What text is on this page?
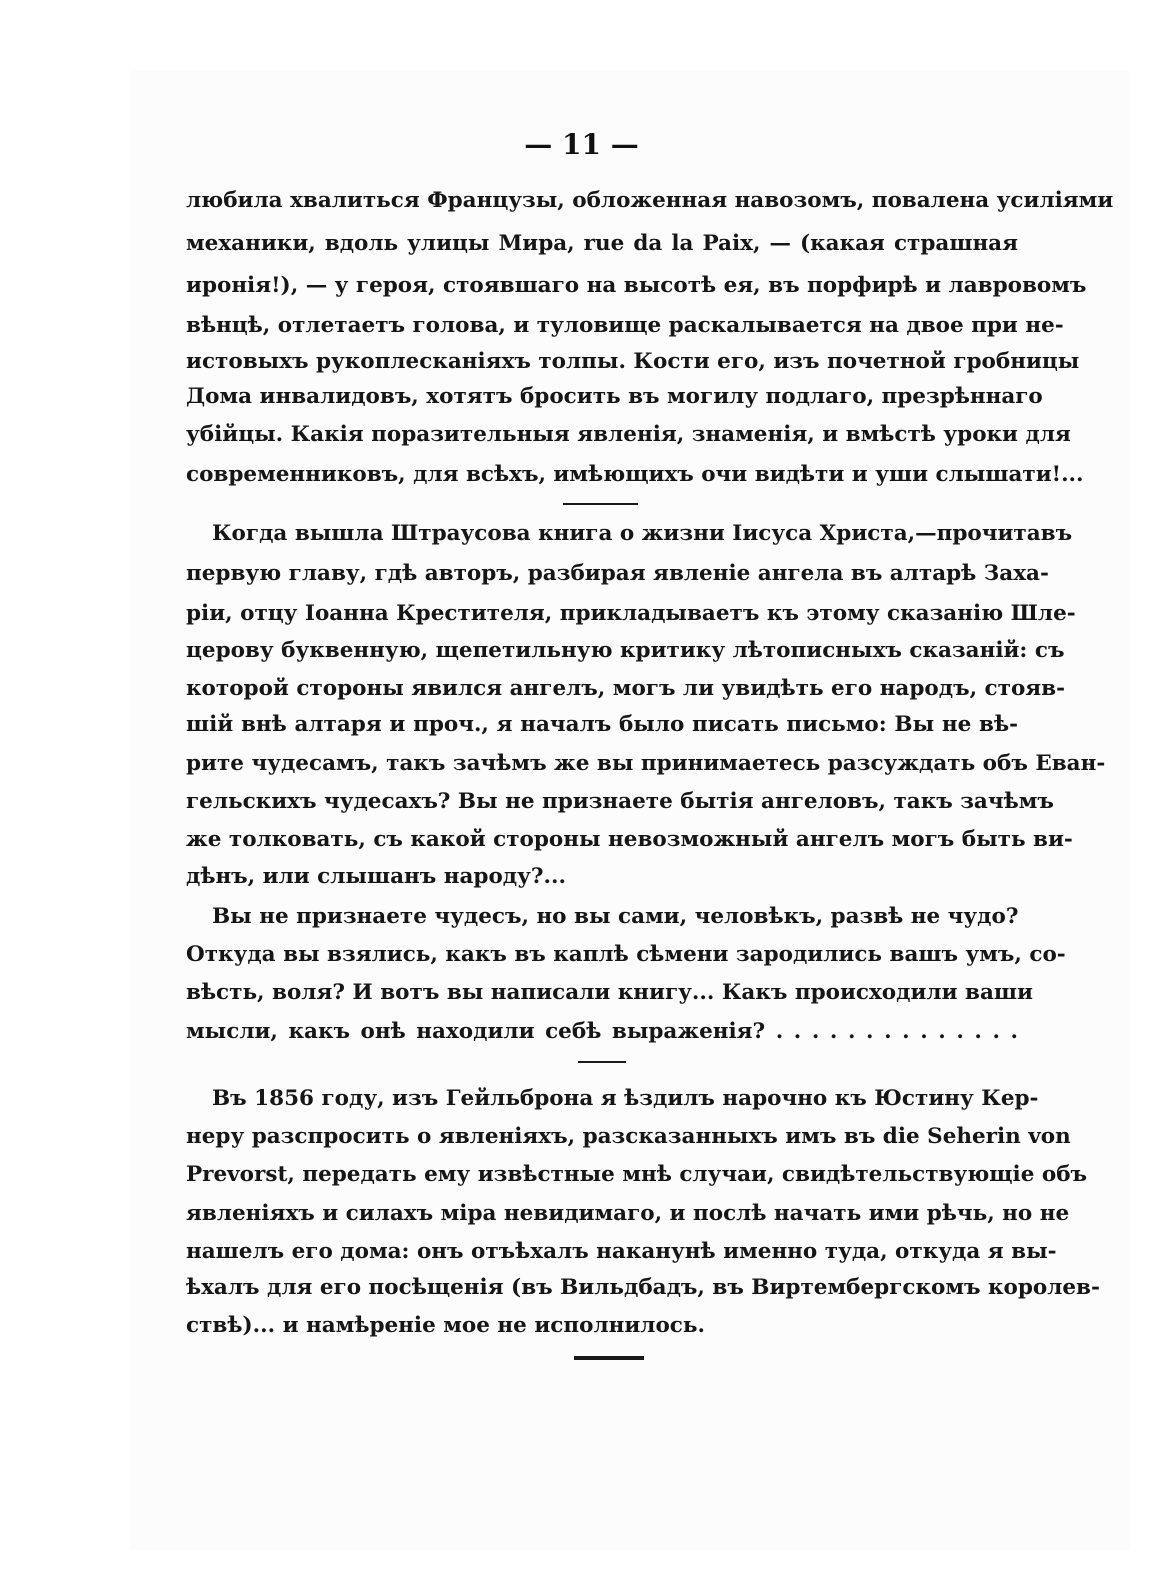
— 11 —
любила хвалиться Французы, обложенная навозомъ, повалена усиліями
механики, вдоль улицы Мира, rue da la Paix, — (какая страшная
иронія!), — у героя, стоявшаго на высотѣ ея, въ порфирѣ и лавровомъ
вѣнцѣ, отлетаетъ голова, и туловище раскалывается на двое при не-
истовыхъ рукоплесканіяхъ толпы. Кости его, изъ почетной гробницы
Дома инвалидовъ, хотятъ бросить въ могилу подлаго, презрѣннаго
убійцы. Какія поразительныя явленія, знаменія, и вмѣстѣ уроки для
современниковъ, для всѣхъ, имѣющихъ очи видѣти и уши слышати!...
Когда вышла Штраусова книга о жизни Іисуса Христа,—прочитавъ
первую главу, гдѣ авторъ, разбирая явленіе ангела въ алтарѣ Заха-
ріи, отцу Іоанна Крестителя, прикладываетъ къ этому сказанію Шле-
церову буквенную, щепетильную критику лѣтописныхъ сказаній: съ
которой стороны явился ангелъ, могъ ли увидѣть его народъ, стояв-
шій внѣ алтаря и проч., я началъ было писать письмо: Вы не вѣ-
рите чудесамъ, такъ зачѣмъ же вы принимаетесь разсуждать объ Еван-
гельскихъ чудесахъ? Вы не признаете бытія ангеловъ, такъ зачѣмъ
же толковать, съ какой стороны невозможный ангелъ могъ быть ви-
дѣнъ, или слышанъ народу?...
Вы не признаете чудесъ, но вы сами, человѣкъ, развѣ не чудо?
Откуда вы взялись, какъ въ каплѣ сѣмени зародились вашъ умъ, со-
вѣсть, воля? И вотъ вы написали книгу... Какъ происходили ваши
мысли, какъ онѣ находили себѣ выраженія? . . . . . . . . . . . . . .
Въ 1856 году, изъ Гейльброна я ѣздилъ нарочно къ Юстину Кер-
неру разспросить о явленіяхъ, разсказанныхъ имъ въ die Seherin von
Prevorst, передать ему извѣстные мнѣ случаи, свидѣтельствующіе объ
явленіяхъ и силахъ міра невидимаго, и послѣ начать ими рѣчь, но не
нашелъ его дома: онъ отъѣхалъ наканунѣ именно туда, откуда я вы-
ѣхалъ для его посѣщенія (въ Вильдбадъ, въ Виртембергскомъ королев-
ствѣ)... и намѣреніе мое не исполнилось.
